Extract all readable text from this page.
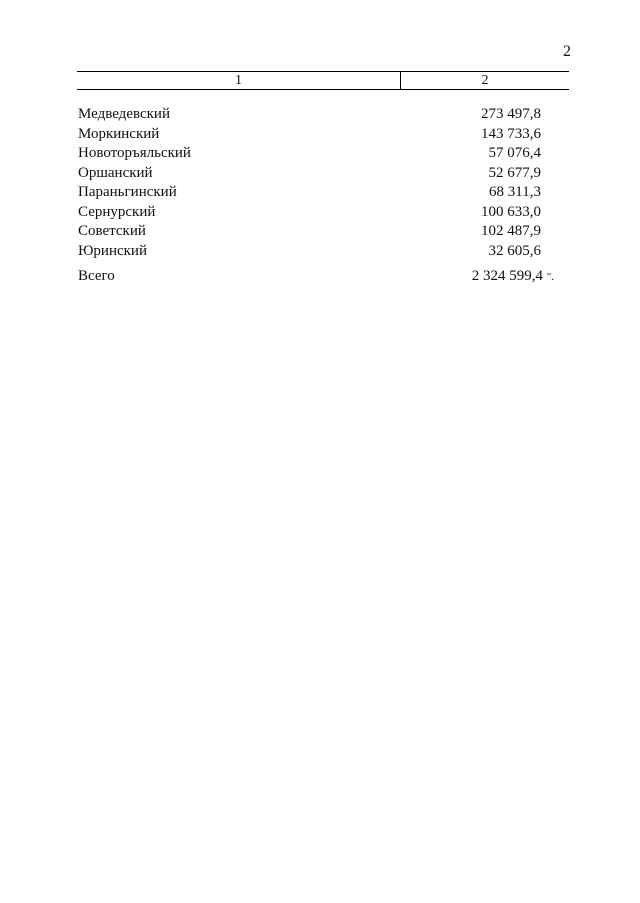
2
1	2
Медведевский	273 497,8
Моркинский	143 733,6
Новоторъяльский	57 076,4
Оршанский	52 677,9
Параньгинский	68 311,3
Сернурский	100 633,0
Советский	102 487,9
Юринский	32 605,6
Всего	2 324 599,4 ".
